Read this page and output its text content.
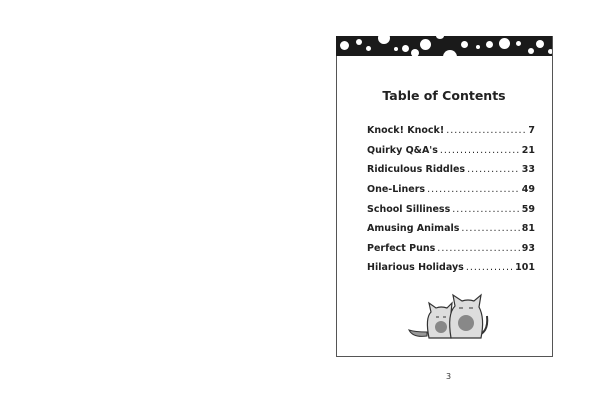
Table of Contents
Knock! Knock! .....	7
Quirky Q&A's .....	21
Ridiculous Riddles .....	33
One-Liners .....	49
School Silliness .....	59
Amusing Animals .....	81
Perfect Puns .....	93
Hilarious Holidays .....	101
3
